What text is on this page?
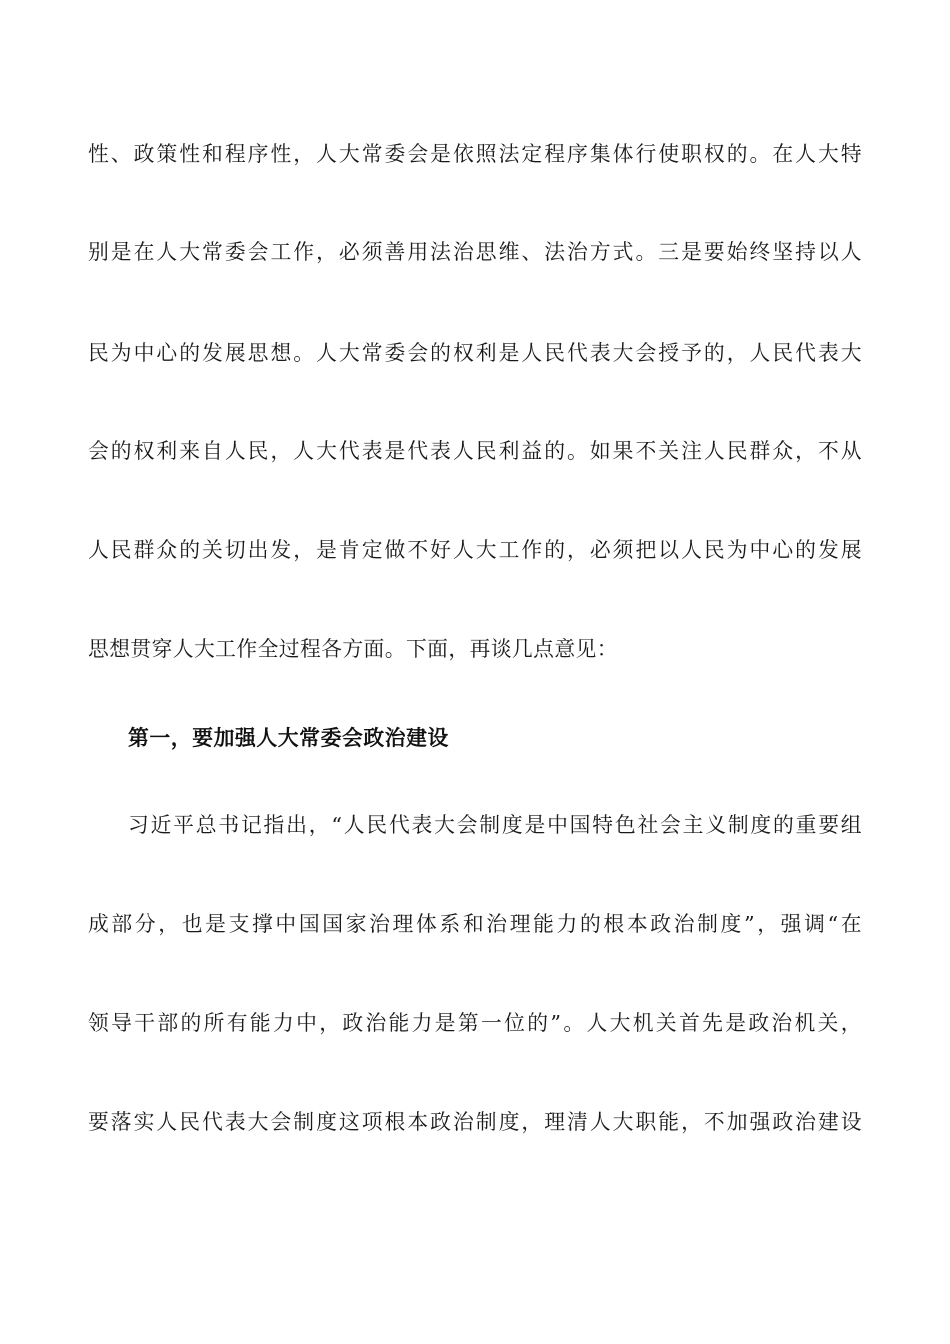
性、政策性和程序性，人大常委会是依照法定程序集体行使职权的。在人大特
别是在人大常委会工作，必须善用法治思维、法治方式。三是要始终坚持以人
民为中心的发展思想。人大常委会的权利是人民代表大会授予的，人民代表大
会的权利来自人民，人大代表是代表人民利益的。如果不关注人民群众，不从
人民群众的关切出发，是肯定做不好人大工作的，必须把以人民为中心的发展
思想贯穿人大工作全过程各方面。下面，再谈几点意见：
第一，要加强人大常委会政治建设
习近平总书记指出，“人民代表大会制度是中国特色社会主义制度的重要组
成部分，也是支撑中国国家治理体系和治理能力的根本政治制度”，强调“在
领导干部的所有能力中，政治能力是第一位的”。人大机关首先是政治机关，
要落实人民代表大会制度这项根本政治制度，理清人大职能，不加强政治建设
